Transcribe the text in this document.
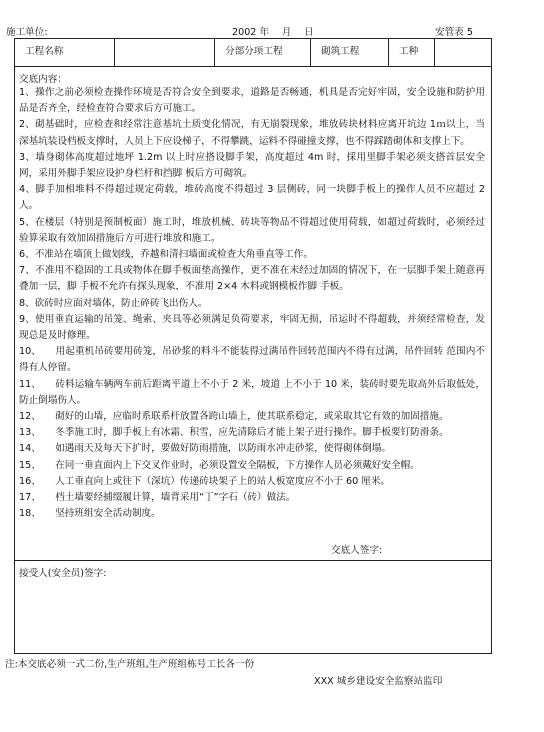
施工单位:	2002 年　 月　 日	安管表 5
工程名称	分部分项工程	砌筑工程	工种
交底内容：
1、操作之前必须检查操作环境是否符合安全到要求，道路是否畅通，机具是否完好牢固，安全设施和防护用品是否齐全，经检查符合要求后方可施工。
2、砌基础时，应检查和经常注意基坑土质变化情况，有无崩裂现象，堆放砖块材料应离开坑边 1ｍ以上，当深基坑装设档板支撑时，人员上下应设梯子，不得攀跳，运料不得碰撞支撑，也不得踩踏砌体和支撑上下。
3、墙身砌体高度超过地坪 1.2m 以上时应搭设脚手架，高度超过 4m 时，採用里脚手架必须支搭首层安全网，采用外脚手架应设护身栏杆和挡脚 板后方可砌筑。
4、脚手加相堆料不得超过规定荷载，堆砖高度不得超过 3 层侧砖，同一块脚手板上的操作人员不应超过 2 人。
5、在楼层（特别是预制板面）施工时，堆放机械、砖块等物品不得超过使用荷载，如超过荷载时，必须经过验算采取有效加固措施后方可进行堆放和施工。
6、不准站在墙顶上做划线，乔越和清扫墙面或检查大角垂直等工作。
7、不准用不稳固的工具或物体在脚手板面垫高操作，更不准在未经过加固的情况下，在一层脚手架上随意再叠加一层，脚 手板不允许有探头现象，不准用 2×4 木料或钢模板作脚 手板。
8、砍砖时应面对墙体，防止碎砖飞出伤人。
9、使用垂直运输的吊笼、绳索、夹具等必须满足负荷要求，牢固无损，吊运时不得超载，并须经常检查，发现总是及时修理。
10、　　用起重机吊砖要用砖笼，吊砂浆的料斗不能装得过满吊件回转范围内不得有过满，吊件回转 范围内不得有人停留。
11、　　砖料运输车辆两车前后距离平道上不小于 2 米，坡道 上不小于 10 米，装砖时要先取高外后取低处，防止倒塌伤人。
12、　　砌好的山墙，应临时系联系杆放置各跨山墙上，使其联系稳定，或采取其它有效的加固措施。
13、　　冬季施工时，脚手板上有冰霜、积雪，应先清除后才能上架子进行操作。脚手板要钉防滑条。
14、　　如遇雨天及每天下扩时，要做好防雨措施，以防雨水冲走砂浆，使得砌体倒塌。
15、　　在同一垂直面内上下交叉作业时，必须设置安全隔板，下方操作人员必须戴好安全帽。
16、　　人工垂直向上或往下（深坑）传递砖块架子上的站人板宽度应不小于 60 厘米。
17、　　档土墙要经捕缀履计算，墙背采用“丁”字石（砖）做法。
18、　　坚持班组安全活动制度。
交底人签字:
接受人(安全员)签字:
注:本交底必须一式二份,生产班组,生产班组栋号工长各一份
XXX 城乡建设安全监察站监印
